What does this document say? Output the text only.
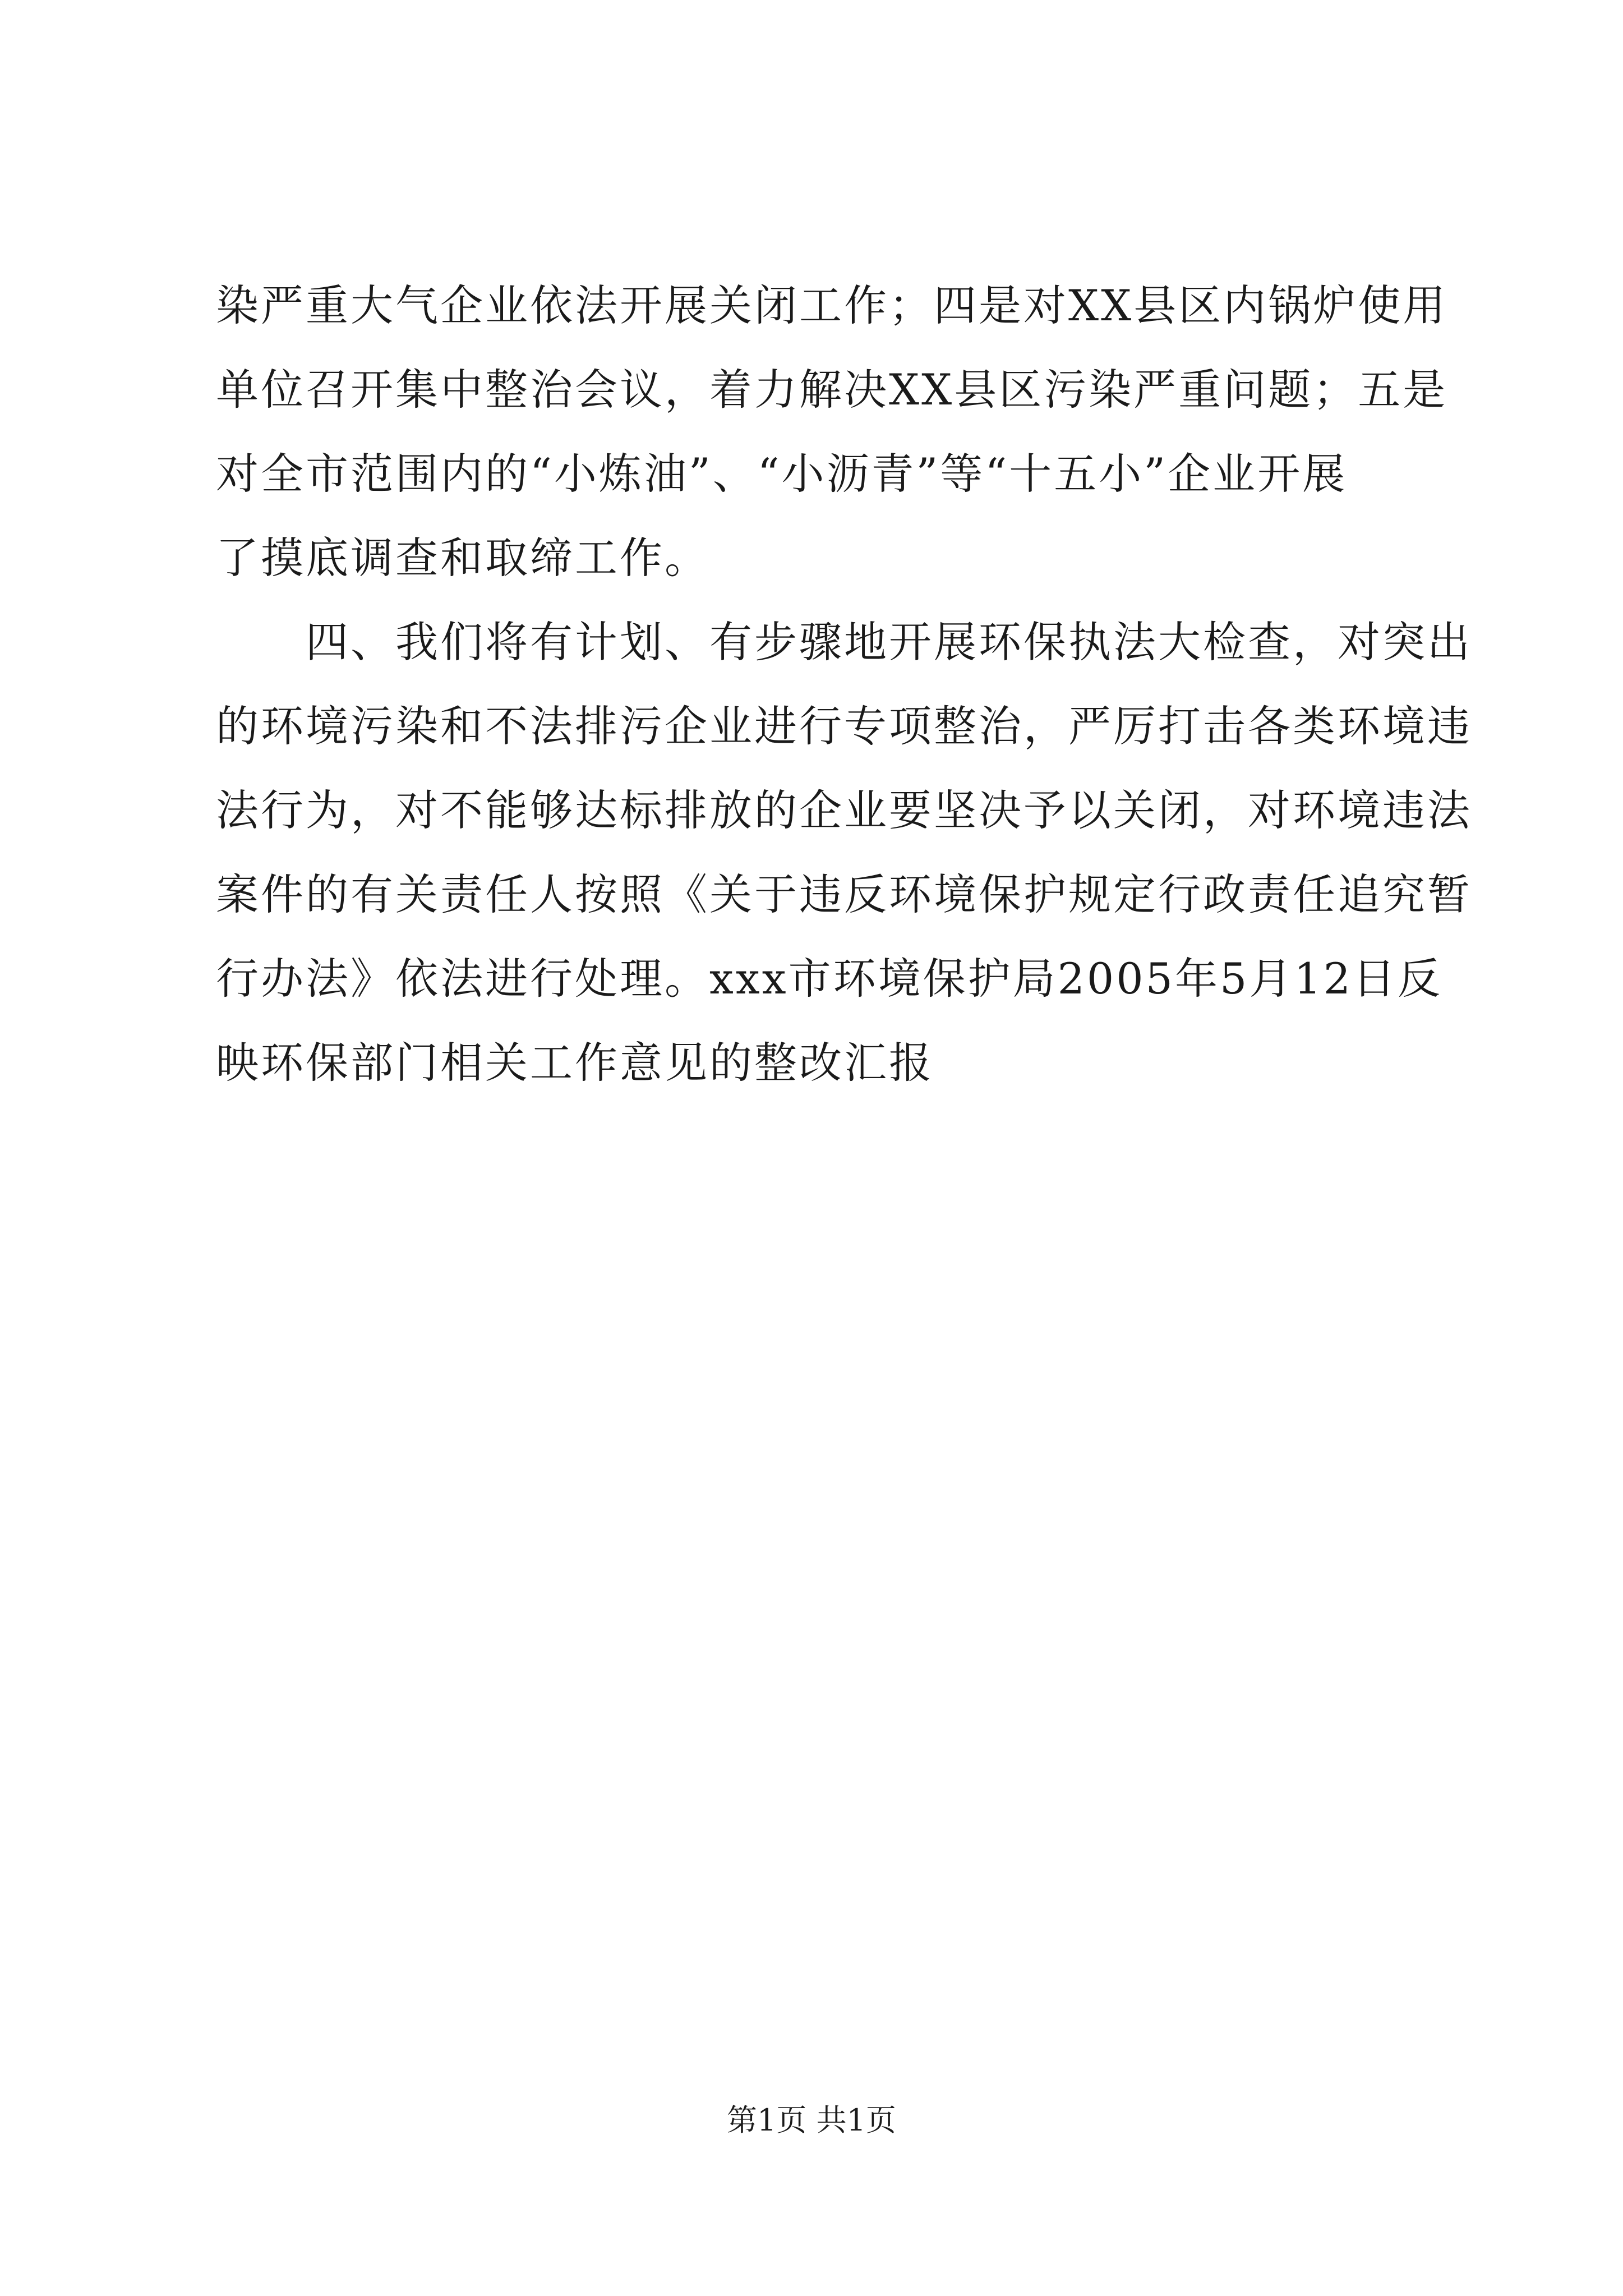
染严重大气企业依法开展关闭工作；四是对XX县区内锅炉使用
单位召开集中整治会议，着力解决XX县区污染严重问题；五是
对全市范围内的“小炼油”、“小沥青”等“十五小”企业开展
了摸底调查和取缔工作。
　　四、我们将有计划、有步骤地开展环保执法大检查，对突出
的环境污染和不法排污企业进行专项整治，严厉打击各类环境违
法行为，对不能够达标排放的企业要坚决予以关闭，对环境违法
案件的有关责任人按照《关于违反环境保护规定行政责任追究暂
行办法》依法进行处理。xxx市环境保护局2005年5月12日反
映环保部门相关工作意见的整改汇报
第1页 共1页
